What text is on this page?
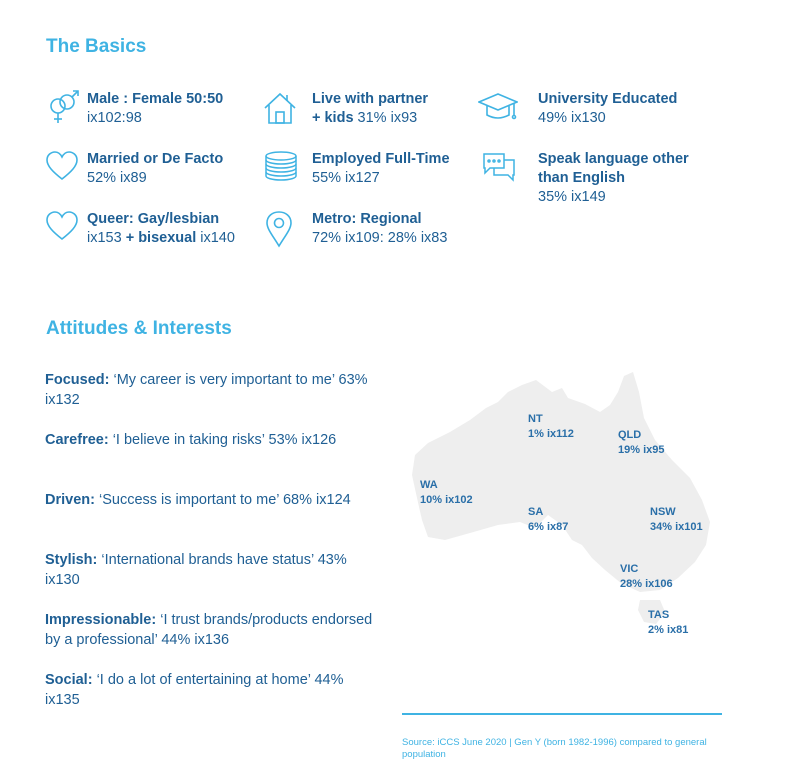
The Basics
Male : Female 50:50
ix102:98
Live with partner
+ kids 31% ix93
University Educated
49% ix130
Married or De Facto
52% ix89
Employed Full-Time
55% ix127
Speak language other
than English
35% ix149
Queer: Gay/lesbian
ix153 + bisexual ix140
Metro: Regional
72% ix109: 28% ix83
Attitudes & Interests
Focused: ‘My career is very important to me’ 63% ix132
Carefree: ‘I believe in taking risks’ 53% ix126
Driven: ‘Success is important to me’ 68% ix124
Stylish: ‘International brands have status’ 43% ix130
Impressionable: ‘I trust brands/products endorsed by a professional’ 44% ix136
Social: ‘I do a lot of entertaining at home’ 44% ix135
NT
1% ix112	QLD
19% ix95
WA
10% ix102
SA
6% ix87
NSW
34% ix101
VIC
28% ix106
TAS
2% ix81
Source: iCCS June 2020 | Gen Y (born 1982-1996) compared to general population
